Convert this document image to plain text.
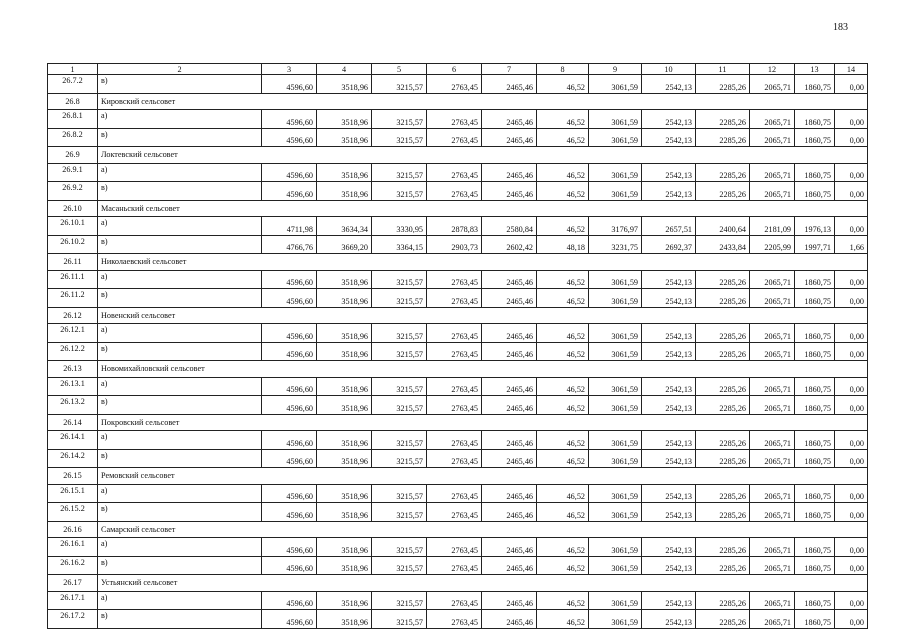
183
1	2	3	4	5	6	7	8	9	10	11	12	13	14
26.7.2	в)	4596,60	3518,96	3215,57	2763,45	2465,46	46,52	3061,59	2542,13	2285,26	2065,71	1860,75	0,00
26.8	Кировский сельсовет												
26.8.1	а)	4596,60	3518,96	3215,57	2763,45	2465,46	46,52	3061,59	2542,13	2285,26	2065,71	1860,75	0,00
26.8.2	в)	4596,60	3518,96	3215,57	2763,45	2465,46	46,52	3061,59	2542,13	2285,26	2065,71	1860,75	0,00
26.9	Локтевский сельсовет												
26.9.1	а)	4596,60	3518,96	3215,57	2763,45	2465,46	46,52	3061,59	2542,13	2285,26	2065,71	1860,75	0,00
26.9.2	в)	4596,60	3518,96	3215,57	2763,45	2465,46	46,52	3061,59	2542,13	2285,26	2065,71	1860,75	0,00
26.10	Масаньский сельсовет												
26.10.1	а)	4711,98	3634,34	3330,95	2878,83	2580,84	46,52	3176,97	2657,51	2400,64	2181,09	1976,13	0,00
26.10.2	в)	4766,76	3669,20	3364,15	2903,73	2602,42	48,18	3231,75	2692,37	2433,84	2205,99	1997,71	1,66
26.11	Николаевский сельсовет												
26.11.1	а)	4596,60	3518,96	3215,57	2763,45	2465,46	46,52	3061,59	2542,13	2285,26	2065,71	1860,75	0,00
26.11.2	в)	4596,60	3518,96	3215,57	2763,45	2465,46	46,52	3061,59	2542,13	2285,26	2065,71	1860,75	0,00
26.12	Новенский сельсовет												
26.12.1	а)	4596,60	3518,96	3215,57	2763,45	2465,46	46,52	3061,59	2542,13	2285,26	2065,71	1860,75	0,00
26.12.2	в)	4596,60	3518,96	3215,57	2763,45	2465,46	46,52	3061,59	2542,13	2285,26	2065,71	1860,75	0,00
26.13	Новомихайловский сельсовет												
26.13.1	а)	4596,60	3518,96	3215,57	2763,45	2465,46	46,52	3061,59	2542,13	2285,26	2065,71	1860,75	0,00
26.13.2	в)	4596,60	3518,96	3215,57	2763,45	2465,46	46,52	3061,59	2542,13	2285,26	2065,71	1860,75	0,00
26.14	Покровский сельсовет												
26.14.1	а)	4596,60	3518,96	3215,57	2763,45	2465,46	46,52	3061,59	2542,13	2285,26	2065,71	1860,75	0,00
26.14.2	в)	4596,60	3518,96	3215,57	2763,45	2465,46	46,52	3061,59	2542,13	2285,26	2065,71	1860,75	0,00
26.15	Ремовский сельсовет												
26.15.1	а)	4596,60	3518,96	3215,57	2763,45	2465,46	46,52	3061,59	2542,13	2285,26	2065,71	1860,75	0,00
26.15.2	в)	4596,60	3518,96	3215,57	2763,45	2465,46	46,52	3061,59	2542,13	2285,26	2065,71	1860,75	0,00
26.16	Самарский сельсовет												
26.16.1	а)	4596,60	3518,96	3215,57	2763,45	2465,46	46,52	3061,59	2542,13	2285,26	2065,71	1860,75	0,00
26.16.2	в)	4596,60	3518,96	3215,57	2763,45	2465,46	46,52	3061,59	2542,13	2285,26	2065,71	1860,75	0,00
26.17	Устьянский сельсовет												
26.17.1	а)	4596,60	3518,96	3215,57	2763,45	2465,46	46,52	3061,59	2542,13	2285,26	2065,71	1860,75	0,00
26.17.2	в)	4596,60	3518,96	3215,57	2763,45	2465,46	46,52	3061,59	2542,13	2285,26	2065,71	1860,75	0,00
